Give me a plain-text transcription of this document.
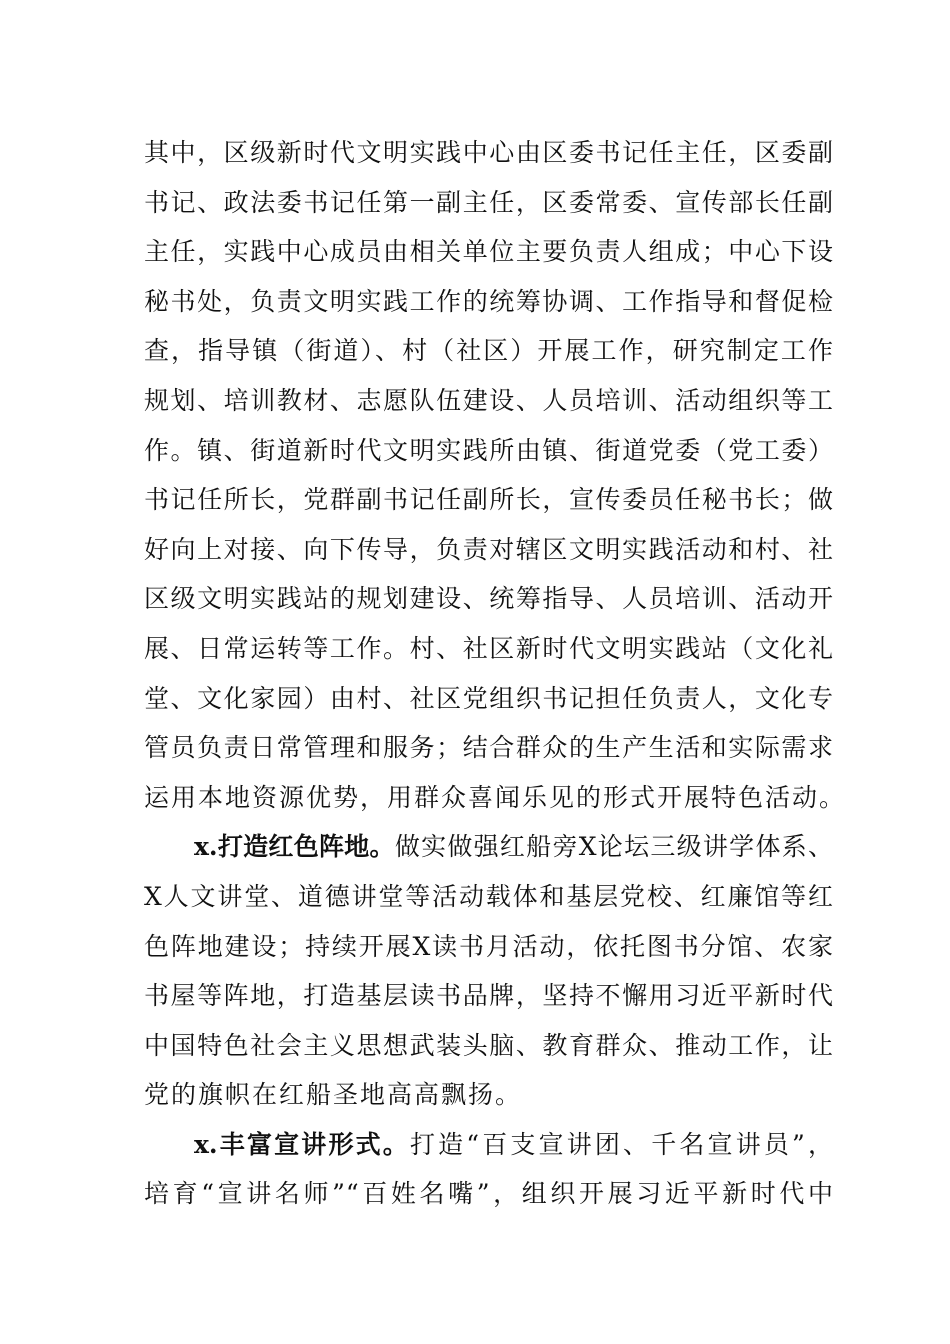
其中，区级新时代文明实践中心由区委书记任主任，区委副
书记、政法委书记任第一副主任，区委常委、宣传部长任副
主任，实践中心成员由相关单位主要负责人组成；中心下设
秘书处，负责文明实践工作的统筹协调、工作指导和督促检
查，指导镇（街道）、村（社区）开展工作，研究制定工作
规划、培训教材、志愿队伍建设、人员培训、活动组织等工
作。镇、街道新时代文明实践所由镇、街道党委（党工委）
书记任所长，党群副书记任副所长，宣传委员任秘书长；做
好向上对接、向下传导，负责对辖区文明实践活动和村、社
区级文明实践站的规划建设、统筹指导、人员培训、活动开
展、日常运转等工作。村、社区新时代文明实践站（文化礼
堂、文化家园）由村、社区党组织书记担任负责人，文化专
管员负责日常管理和服务；结合群众的生产生活和实际需求
运用本地资源优势，用群众喜闻乐见的形式开展特色活动。
x.打造红色阵地。做实做强红船旁X论坛三级讲学体系、
X人文讲堂、道德讲堂等活动载体和基层党校、红廉馆等红
色阵地建设；持续开展X读书月活动，依托图书分馆、农家
书屋等阵地，打造基层读书品牌，坚持不懈用习近平新时代
中国特色社会主义思想武装头脑、教育群众、推动工作，让
党的旗帜在红船圣地高高飘扬。
x.丰富宣讲形式。打造“百支宣讲团、千名宣讲员”，
培育“宣讲名师”“百姓名嘴”，组织开展习近平新时代中
